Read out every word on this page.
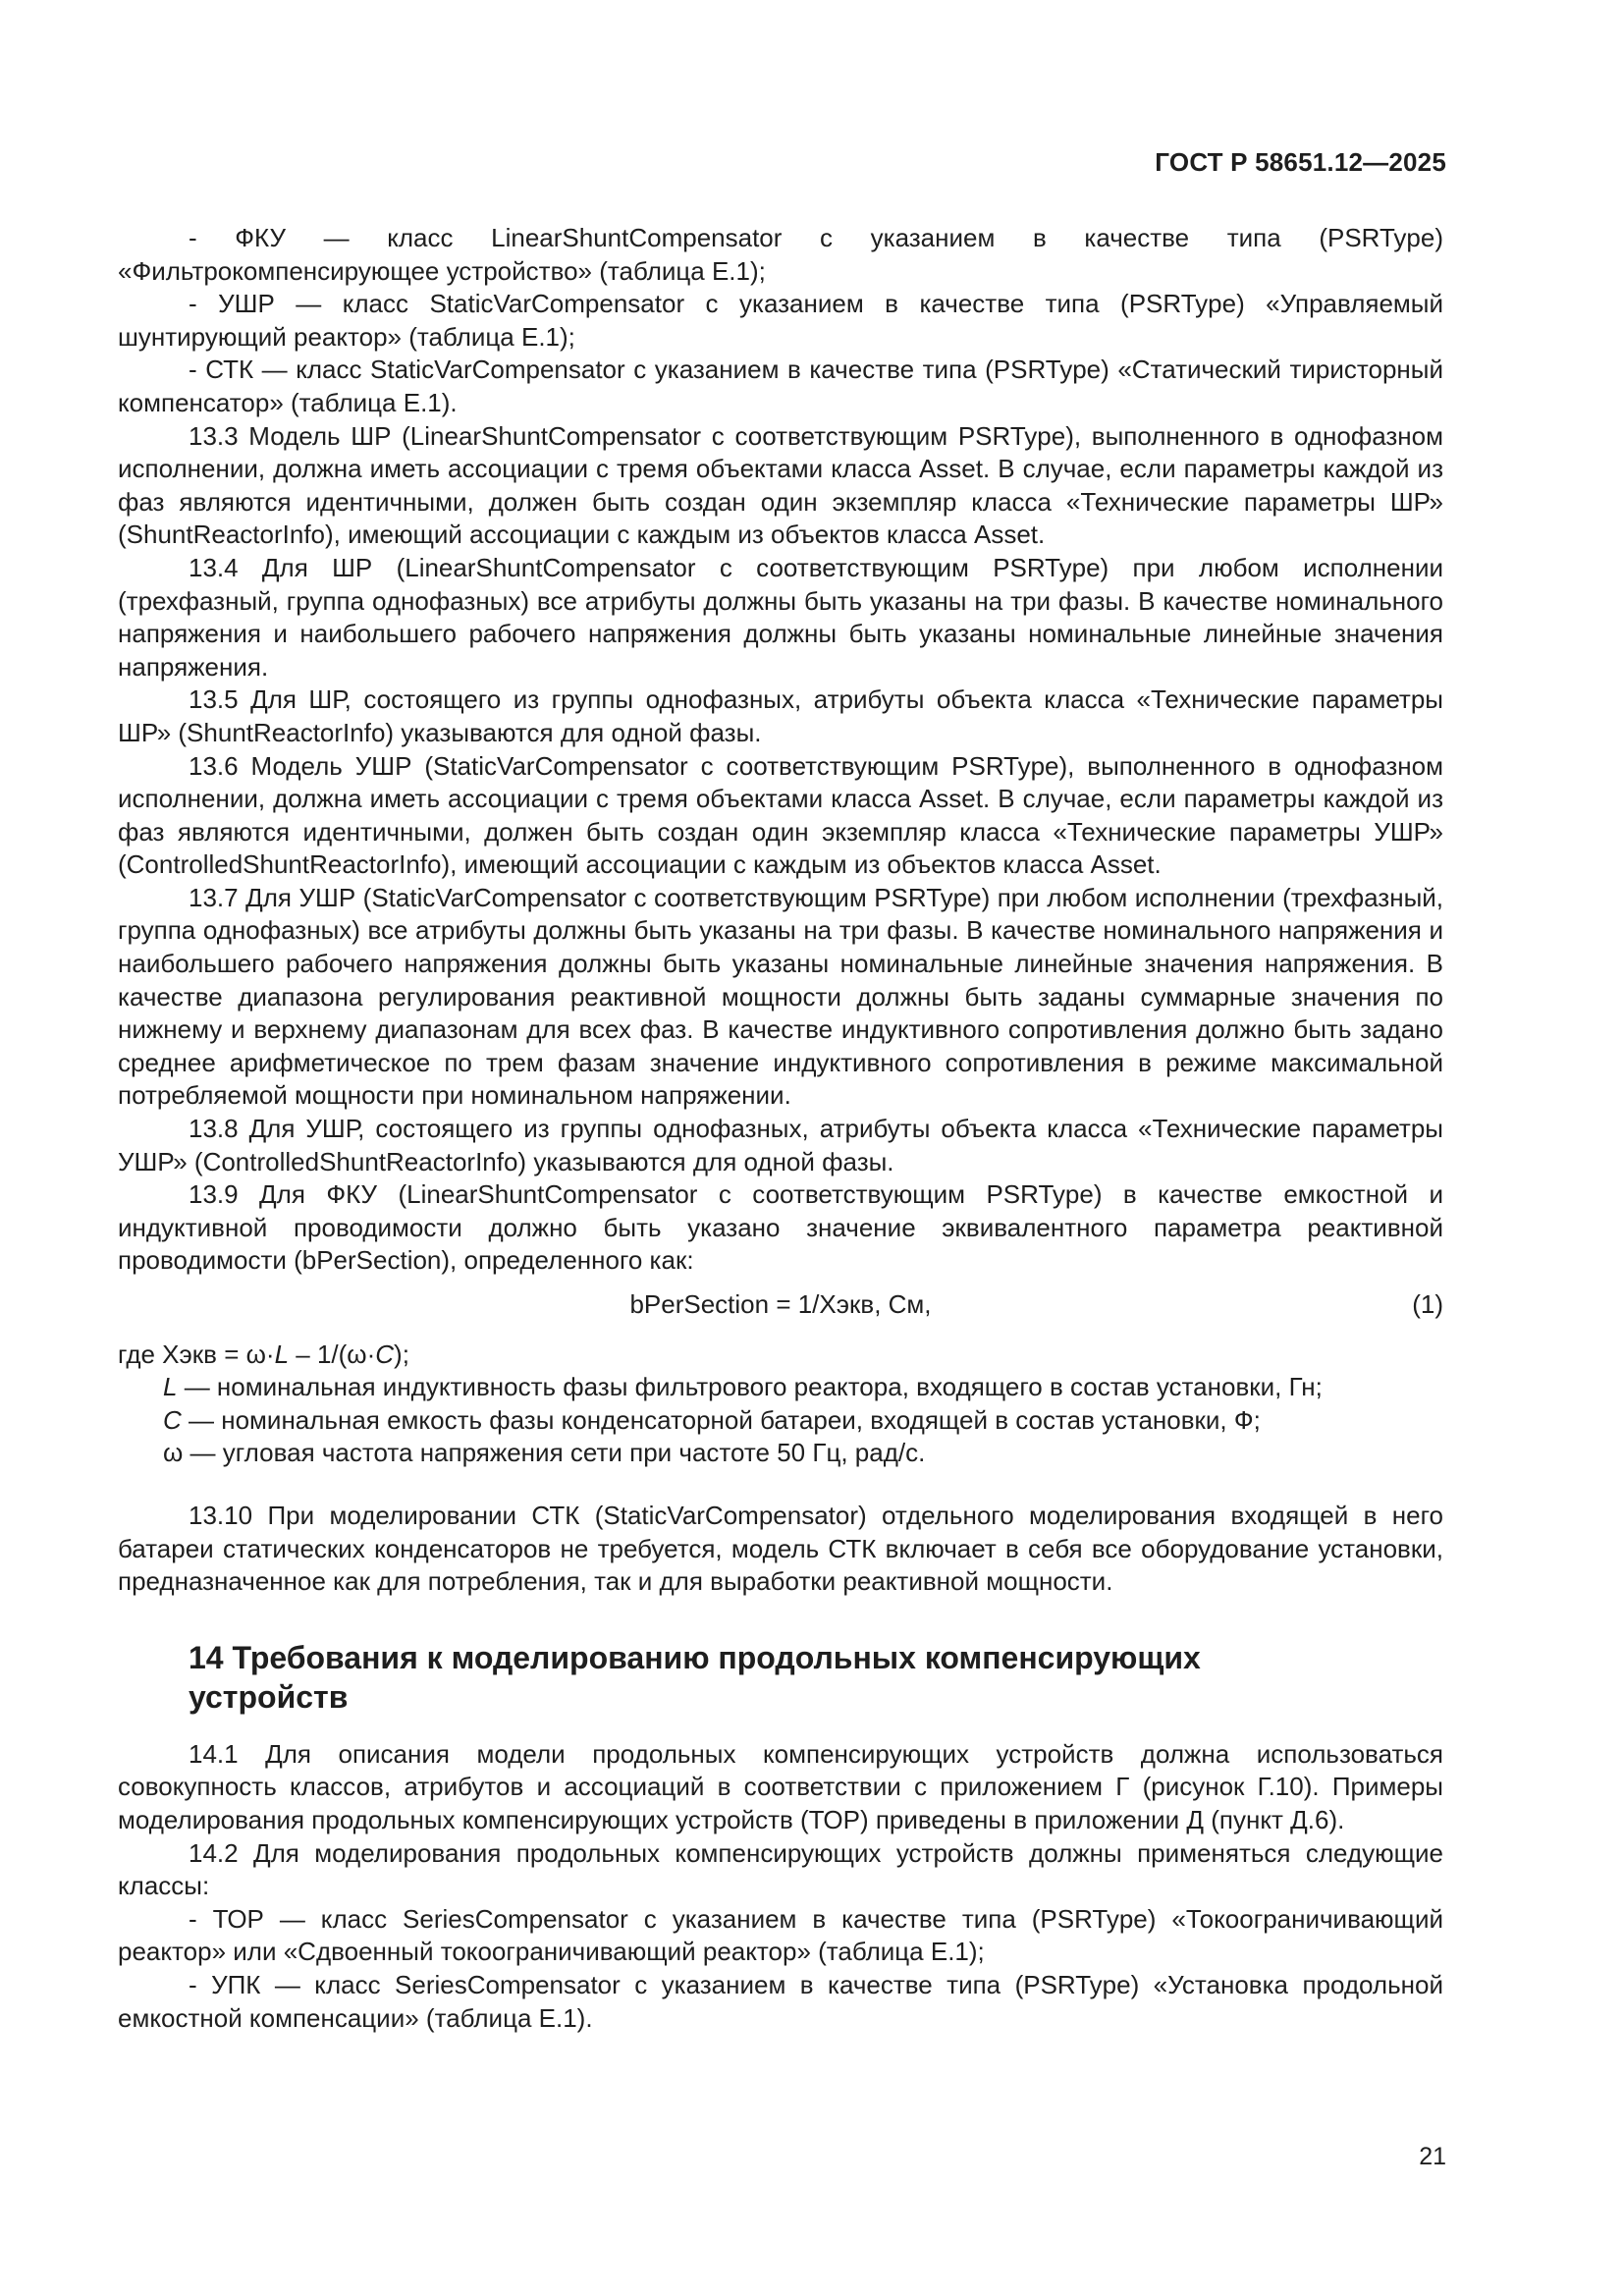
ГОСТ Р 58651.12—2025

- ФКУ — класс LinearShuntCompensator с указанием в качестве типа (PSRType) «Фильтрокомпенсирующее устройство» (таблица Е.1);

- УШР — класс StaticVarCompensator с указанием в качестве типа (PSRType) «Управляемый шунтирующий реактор» (таблица Е.1);

- СТК — класс StaticVarCompensator с указанием в качестве типа (PSRType) «Статический тиристорный компенсатор» (таблица Е.1).

13.3 Модель ШР (LinearShuntCompensator с соответствующим PSRType), выполненного в однофазном исполнении, должна иметь ассоциации с тремя объектами класса Asset. В случае, если параметры каждой из фаз являются идентичными, должен быть создан один экземпляр класса «Технические параметры ШР» (ShuntReactorInfo), имеющий ассоциации с каждым из объектов класса Asset.

13.4 Для ШР (LinearShuntCompensator с соответствующим PSRType) при любом исполнении (трехфазный, группа однофазных) все атрибуты должны быть указаны на три фазы. В качестве номинального напряжения и наибольшего рабочего напряжения должны быть указаны номинальные линейные значения напряжения.

13.5 Для ШР, состоящего из группы однофазных, атрибуты объекта класса «Технические параметры ШР» (ShuntReactorInfo) указываются для одной фазы.

13.6 Модель УШР (StaticVarCompensator с соответствующим PSRType), выполненного в однофазном исполнении, должна иметь ассоциации с тремя объектами класса Asset. В случае, если параметры каждой из фаз являются идентичными, должен быть создан один экземпляр класса «Технические параметры УШР» (ControlledShuntReactorInfo), имеющий ассоциации с каждым из объектов класса Asset.

13.7 Для УШР (StaticVarCompensator с соответствующим PSRType) при любом исполнении (трехфазный, группа однофазных) все атрибуты должны быть указаны на три фазы. В качестве номинального напряжения и наибольшего рабочего напряжения должны быть указаны номинальные линейные значения напряжения. В качестве диапазона регулирования реактивной мощности должны быть заданы суммарные значения по нижнему и верхнему диапазонам для всех фаз. В качестве индуктивного сопротивления должно быть задано среднее арифметическое по трем фазам значение индуктивного сопротивления в режиме максимальной потребляемой мощности при номинальном напряжении.

13.8 Для УШР, состоящего из группы однофазных, атрибуты объекта класса «Технические параметры УШР» (ControlledShuntReactorInfo) указываются для одной фазы.

13.9 Для ФКУ (LinearShuntCompensator с соответствующим PSRType) в качестве емкостной и индуктивной проводимости должно быть указано значение эквивалентного параметра реактивной проводимости (bPerSection), определенного как:

bPerSection = 1/Xэкв, См,	(1)
где Xэкв = ω·L – 1/(ω·C);
L — номинальная индуктивность фазы фильтрового реактора, входящего в состав установки, Гн;
C — номинальная емкость фазы конденсаторной батареи, входящей в состав установки, Ф;
ω — угловая частота напряжения сети при частоте 50 Гц, рад/с.

13.10 При моделировании СТК (StaticVarCompensator) отдельного моделирования входящей в него батареи статических конденсаторов не требуется, модель СТК включает в себя все оборудование установки, предназначенное как для потребления, так и для выработки реактивной мощности.

14 Требования к моделированию продольных компенсирующих устройств

14.1 Для описания модели продольных компенсирующих устройств должна использоваться совокупность классов, атрибутов и ассоциаций в соответствии с приложением Г (рисунок Г.10). Примеры моделирования продольных компенсирующих устройств (ТОР) приведены в приложении Д (пункт Д.6).

14.2 Для моделирования продольных компенсирующих устройств должны применяться следующие классы:

- ТОР — класс SeriesCompensator с указанием в качестве типа (PSRType) «Токоограничивающий реактор» или «Сдвоенный токоограничивающий реактор» (таблица Е.1);

- УПК — класс SeriesCompensator с указанием в качестве типа (PSRType) «Установка продольной емкостной компенсации» (таблица Е.1).

21
